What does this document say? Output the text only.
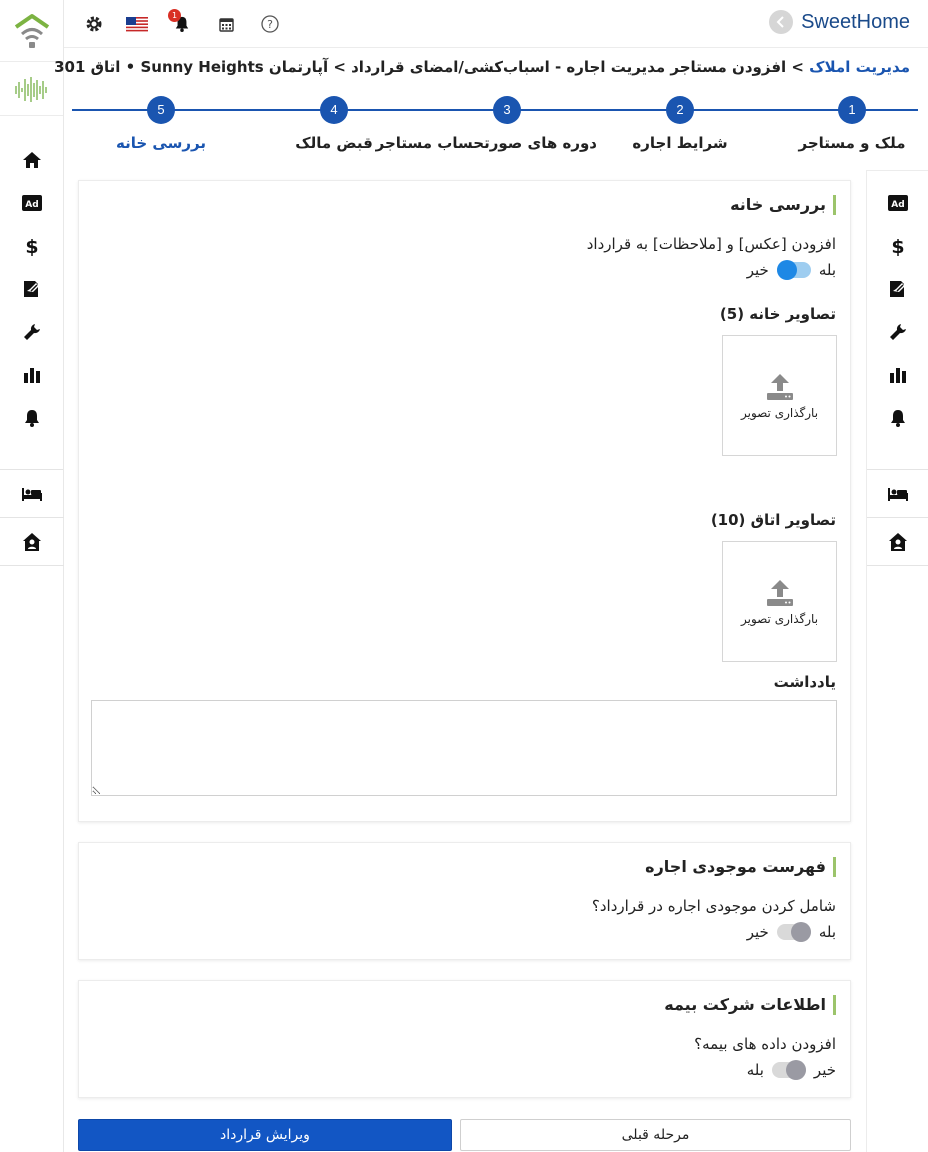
Ad
$
1
?	SweetHome
مدیریت املاک > افزودن مستاجر مدیریت اجاره - اسباب‌کشی/امضای قرارداد > آپارتمان Sunny Heights • اتاق 301
1
ملک و مستاجر
2
شرایط اجاره
3
دوره های صورتحساب مستاجر
4
قبض مالک
5
بررسی خانه
Ad
$
بررسی خانه
افزودن [عکس] و [ملاحظات] به قرارداد
بله
خیر
تصاویر خانه (5)
بارگذاری تصویر
تصاویر اتاق (10)
بارگذاری تصویر
یادداشت
فهرست موجودی اجاره
شامل کردن موجودی اجاره در قرارداد؟
بله
خیر
اطلاعات شرکت بیمه
افزودن داده های بیمه؟
خیر
بله
ویرایش قرارداد	مرحله قبلی
